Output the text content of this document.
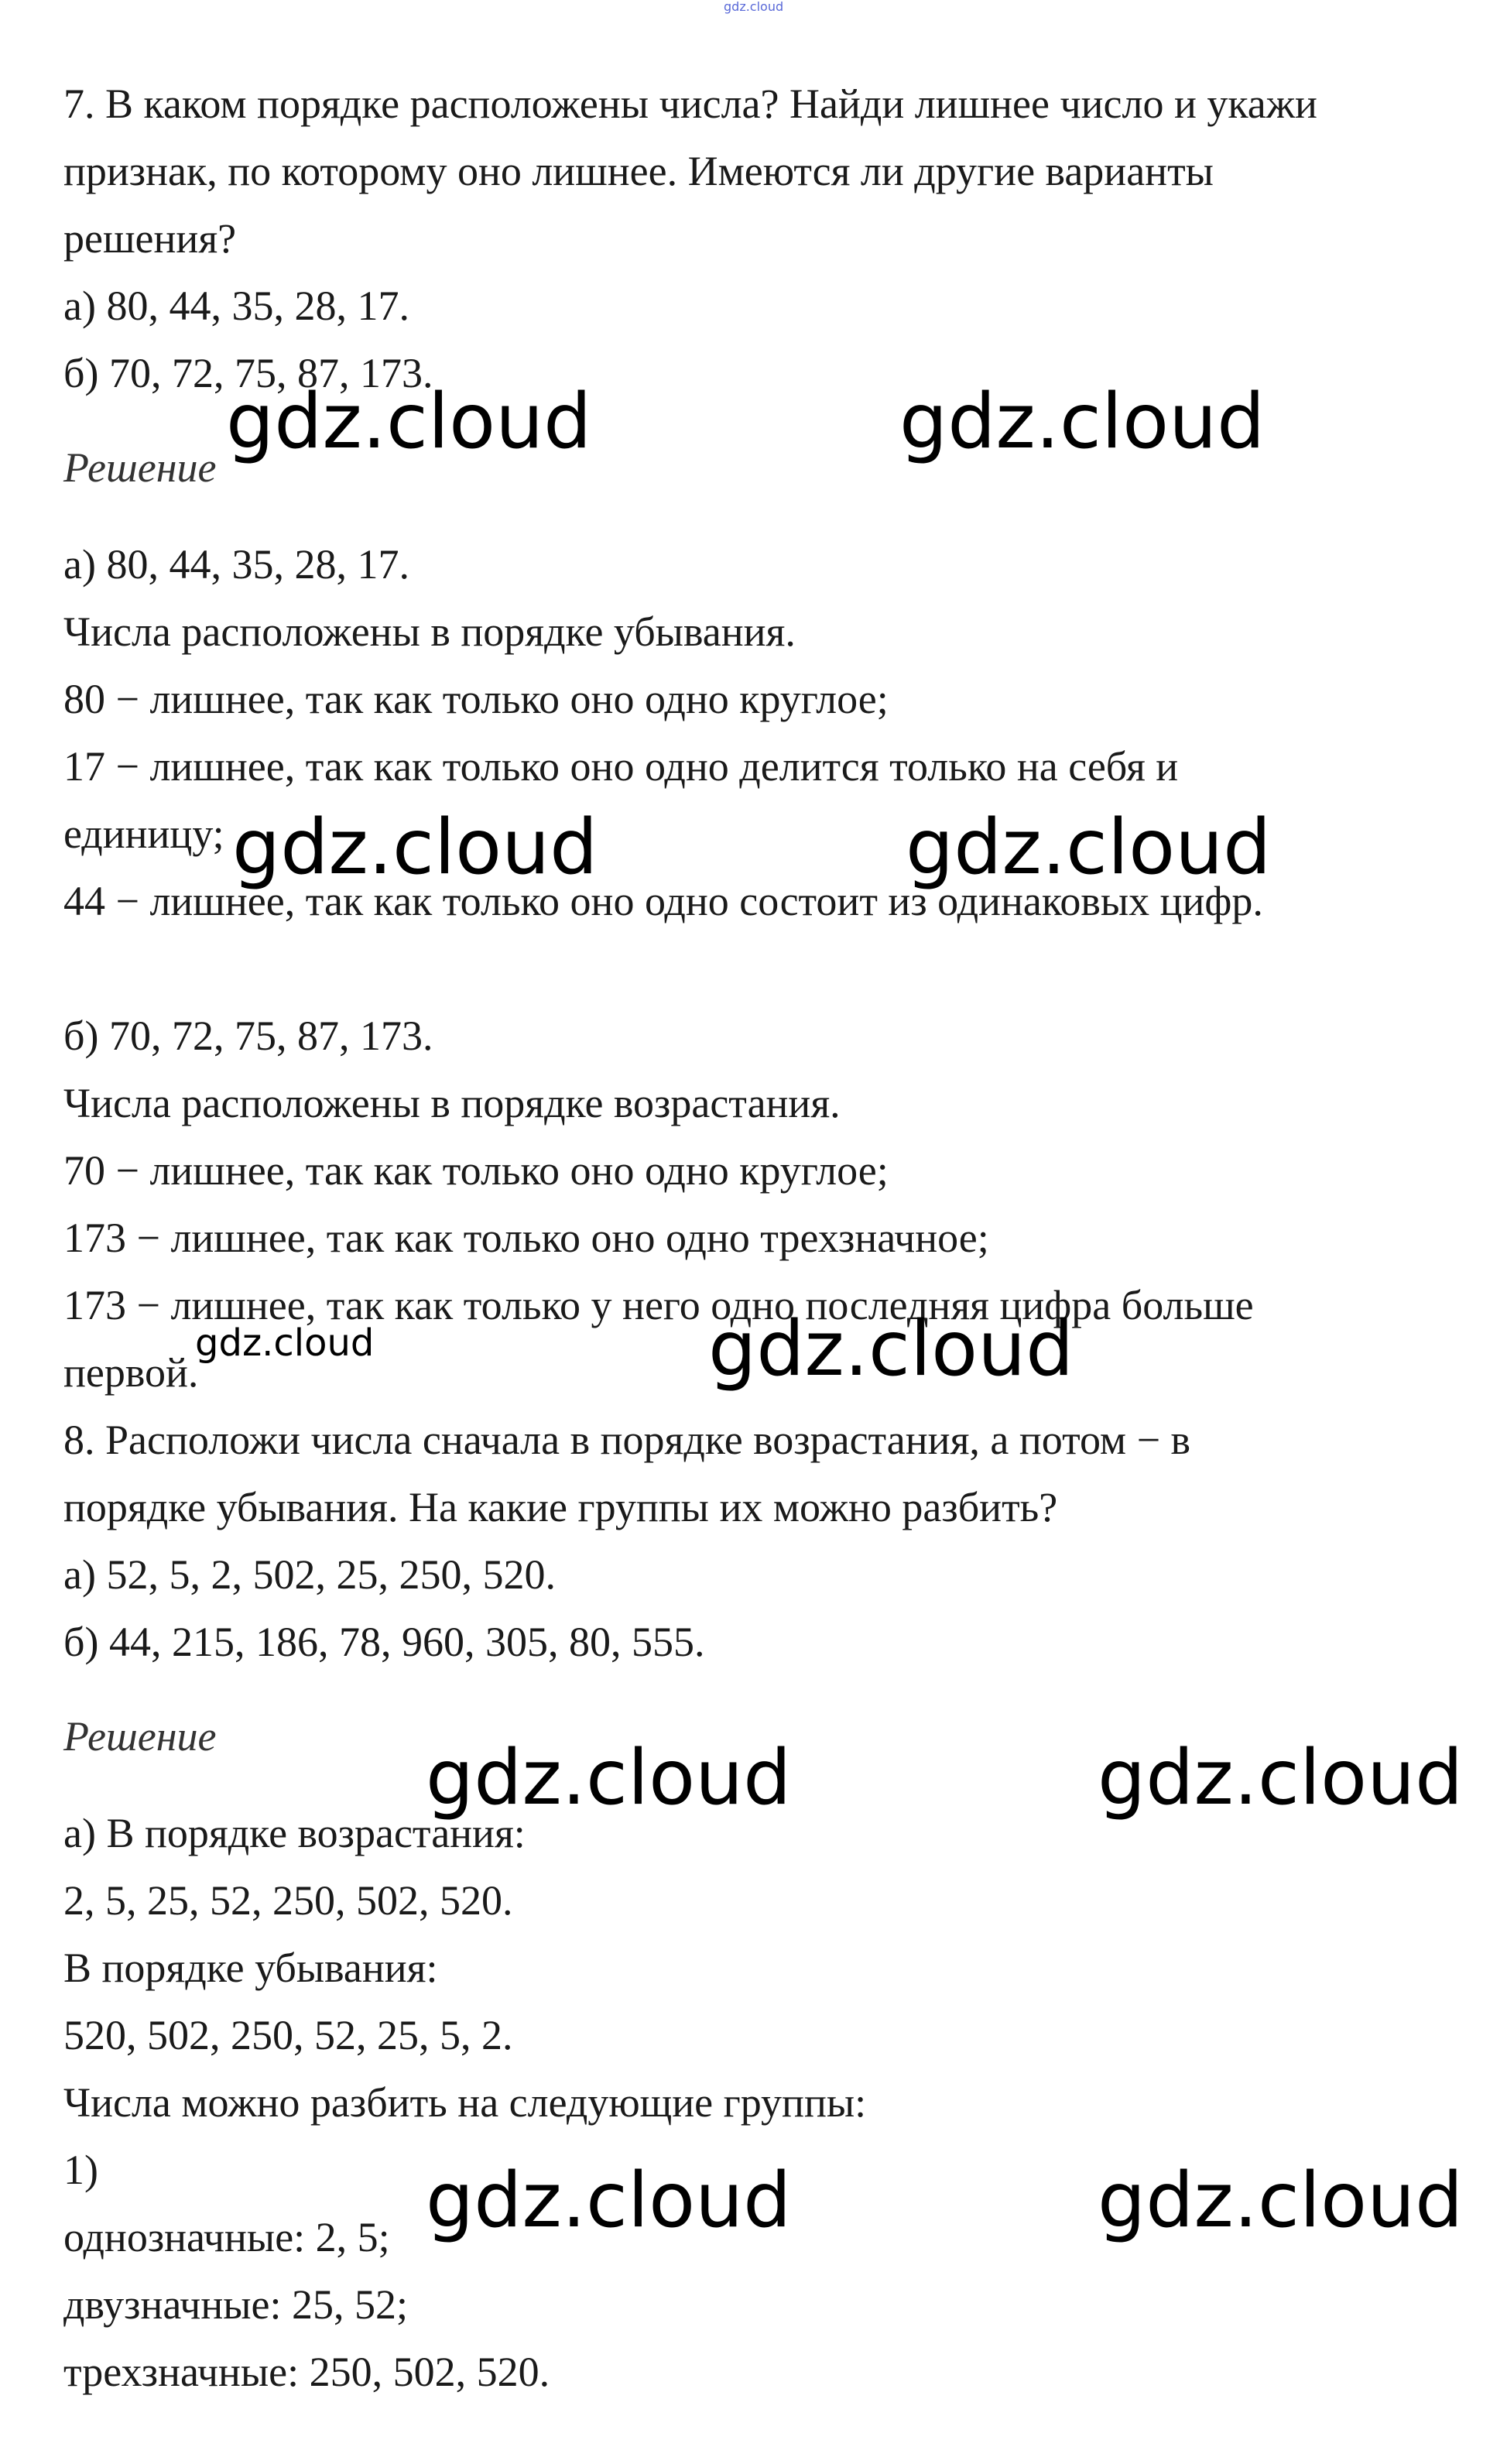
gdz.cloud
7. В каком порядке расположены числа? Найди лишнее число и укажи
признак, по которому оно лишнее. Имеются ли другие варианты
решения?
а) 80, 44, 35, 28, 17.
б) 70, 72, 75, 87, 173.
Решение
а) 80, 44, 35, 28, 17.
Числа расположены в порядке убывания.
80 − лишнее, так как только оно одно круглое;
17 − лишнее, так как только оно одно делится только на себя и
единицу;
44 − лишнее, так как только оно одно состоит из одинаковых цифр.
б) 70, 72, 75, 87, 173.
Числа расположены в порядке возрастания.
70 − лишнее, так как только оно одно круглое;
173 − лишнее, так как только оно одно трехзначное;
173 − лишнее, так как только у него одно последняя цифра больше
первой.
8. Расположи числа сначала в порядке возрастания, а потом − в
порядке убывания. На какие группы их можно разбить?
а) 52, 5, 2, 502, 25, 250, 520.
б) 44, 215, 186, 78, 960, 305, 80, 555.
Решение
а) В порядке возрастания:
2, 5, 25, 52, 250, 502, 520.
В порядке убывания:
520, 502, 250, 52, 25, 5, 2.
Числа можно разбить на следующие группы:
1)
однозначные: 2, 5;
двузначные: 25, 52;
трехзначные: 250, 502, 520.
gdz.cloud	gdz.cloud
gdz.cloud	gdz.cloud
gdz.cloud	gdz.cloud
gdz.cloud	gdz.cloud
gdz.cloud	gdz.cloud
